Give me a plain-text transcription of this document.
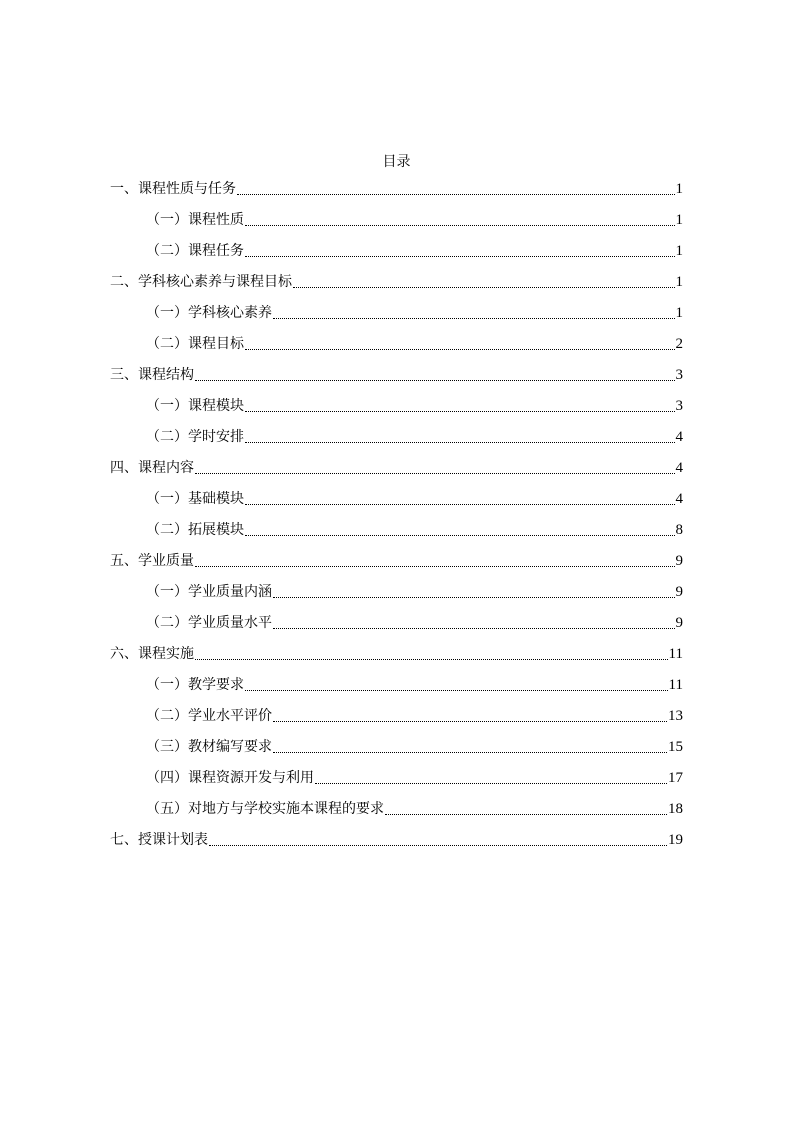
目录
一、课程性质与任务	1
（一）课程性质	1
（二）课程任务	1
二、学科核心素养与课程目标	1
（一）学科核心素养	1
（二）课程目标	2
三、课程结构	3
（一）课程模块	3
（二）学时安排	4
四、课程内容	4
（一）基础模块	4
（二）拓展模块	8
五、学业质量	9
（一）学业质量内涵	9
（二）学业质量水平	9
六、课程实施	11
（一）教学要求	11
（二）学业水平评价	13
（三）教材编写要求	15
（四）课程资源开发与利用	17
（五）对地方与学校实施本课程的要求	18
七、授课计划表	19
